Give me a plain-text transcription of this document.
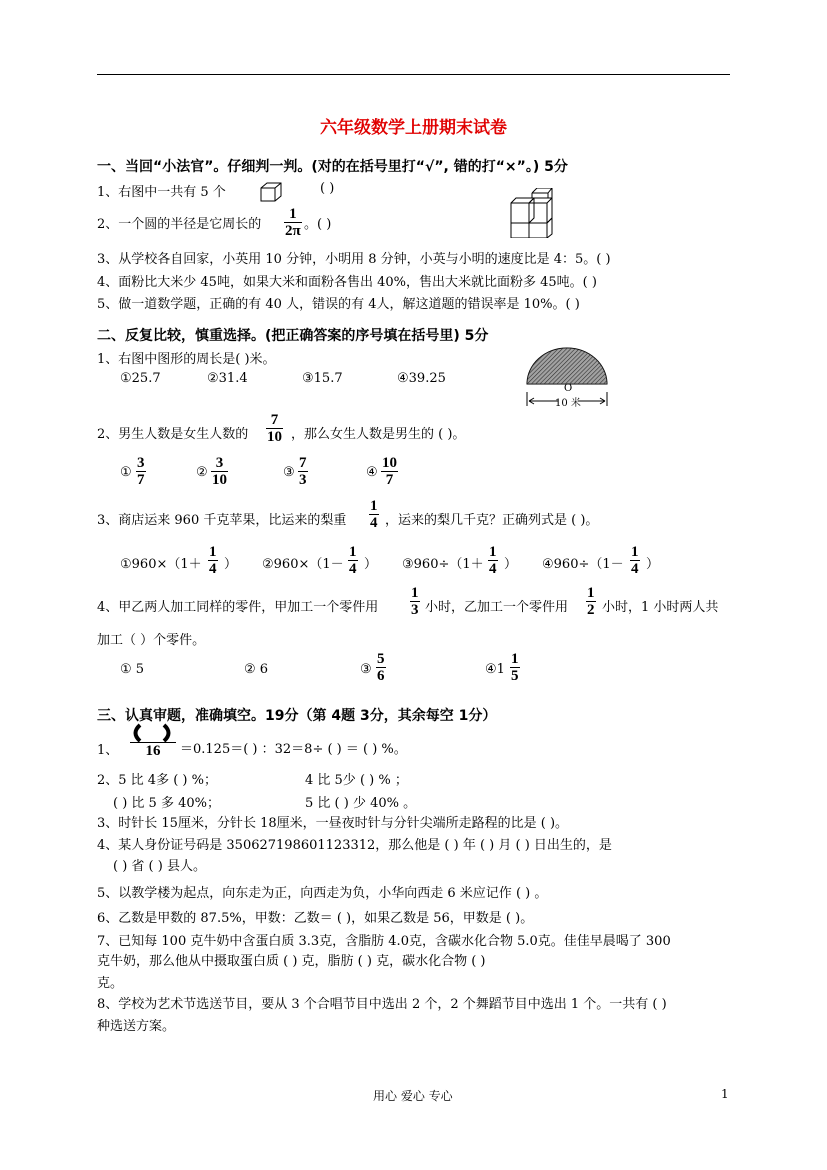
六年级数学上册期末试卷
一、当回“小法官”。仔细判一判。(对的在括号里打“√”, 错的打“×”。) 5分
1、右图中一共有 5 个	( )
2、一个圆的半径是它周长的 $\frac{1}{2\pi}$ 。( )
3、从学校各自回家，小英用 10 分钟，小明用 8 分钟，小英与小明的速度比是 4：5。( )
4、面粉比大米少 45吨，如果大米和面粉各售出 40%，售出大米就比面粉多 45吨。( )
5、做一道数学题，正确的有 40 人，错误的有 4人，解这道题的错误率是 10%。( )
二、反复比较，慎重选择。(把正确答案的序号填在括号里) 5分
1、右图中图形的周长是( )米。
①25.7	②31.4	③15.7	④39.25
O
10 米
2、男生人数是女生人数的 $\frac{7}{10}$ ，那么女生人数是男生的 ( )。
① $\frac{3}{7}$	② $\frac{3}{10}$	③ $\frac{7}{3}$	④ $\frac{10}{7}$
3、商店运来 960 千克苹果，比运来的梨重 $\frac{1}{4}$ ，运来的梨几千克？正确列式是 ( )。
①960×（1＋ $\frac{1}{4}$ ） ②960×（1－ $\frac{1}{4}$ ） ③960÷（1＋ $\frac{1}{4}$ ） ④960÷（1－ $\frac{1}{4}$ ）
4、甲乙两人加工同样的零件，甲加工一个零件用 $\frac{1}{3}$ 小时，乙加工一个零件用 $\frac{1}{2}$ 小时，1 小时两人共
加工（ ）个零件。
① 5	② 6	③ $\frac{5}{6}$	④1 $\frac{1}{5}$
三、认真审题，准确填空。19分（第 4题 3分，其余每空 1分）
1、
	16	＝0.125＝( ) ：32＝8÷ ( ) ＝ ( ) %。
2、5 比 4多 ( ) %；	4 比 5少 ( ) % ；
( ) 比 5 多 40%；	5 比 ( ) 少 40% 。
3、时针长 15厘米，分针长 18厘米，一昼夜时针与分针尖端所走路程的比是 ( )。
4、某人身份证号码是 350627198601123312，那么他是 ( ) 年 ( ) 月 ( ) 日出生的，是
( ) 省 ( ) 县人。
5、以教学楼为起点，向东走为正，向西走为负，小华向西走 6 米应记作 ( ) 。
6、乙数是甲数的 87.5%，甲数：乙数＝ ( )，如果乙数是 56，甲数是 ( )。
7、已知每 100 克牛奶中含蛋白质 3.3克，含脂肪 4.0克，含碳水化合物 5.0克。佳佳早晨喝了 300
克牛奶，那么他从中摄取蛋白质 ( ) 克，脂肪 ( ) 克，碳水化合物 ( )
克。
8、学校为艺术节选送节目，要从 3 个合唱节目中选出 2 个，2 个舞蹈节目中选出 1 个。一共有 ( )
种选送方案。
用心 爱心 专心	1
